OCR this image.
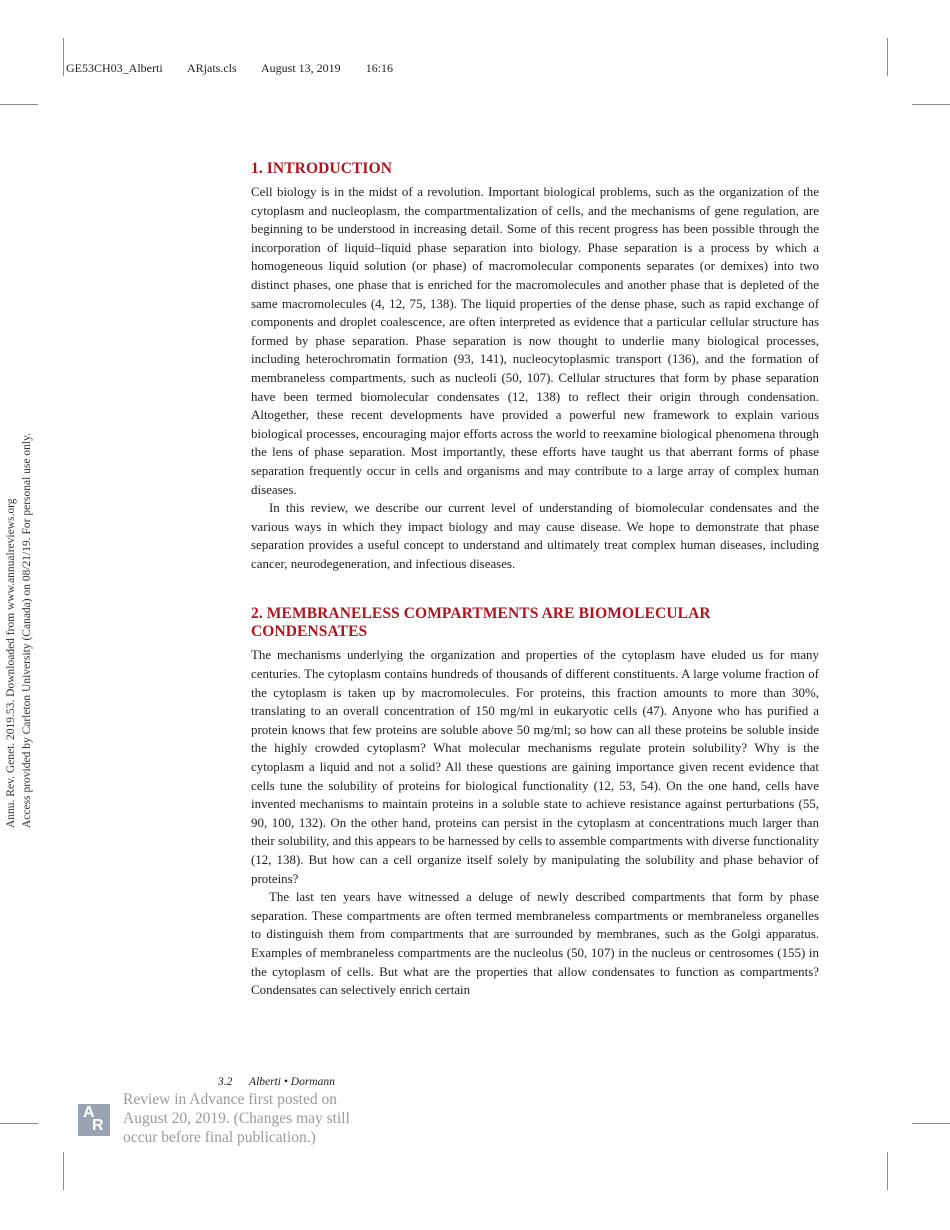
GE53CH03_Alberti ARjats.cls August 13, 2019 16:16
Annu. Rev. Genet. 2019.53. Downloaded from www.annualreviews.org Access provided by Carleton University (Canada) on 08/21/19. For personal use only.
1. INTRODUCTION

Cell biology is in the midst of a revolution. Important biological problems, such as the organization of the cytoplasm and nucleoplasm, the compartmentalization of cells, and the mechanisms of gene regulation, are beginning to be understood in increasing detail. Some of this recent progress has been possible through the incorporation of liquid–liquid phase separation into biology. Phase separation is a process by which a homogeneous liquid solution (or phase) of macromolecular components separates (or demixes) into two distinct phases, one phase that is enriched for the macromolecules and another phase that is depleted of the same macromolecules (4, 12, 75, 138). The liquid properties of the dense phase, such as rapid exchange of components and droplet coalescence, are often interpreted as evidence that a particular cellular structure has formed by phase separation. Phase separation is now thought to underlie many biological processes, including heterochromatin formation (93, 141), nucleocytoplasmic transport (136), and the formation of membraneless compartments, such as nucleoli (50, 107). Cellular structures that form by phase separation have been termed biomolecular condensates (12, 138) to reflect their origin through condensation. Altogether, these recent developments have provided a powerful new framework to explain various biological processes, encouraging major efforts across the world to reexamine biological phenomena through the lens of phase separation. Most importantly, these efforts have taught us that aberrant forms of phase separation frequently occur in cells and organisms and may contribute to a large array of complex human diseases.

In this review, we describe our current level of understanding of biomolecular condensates and the various ways in which they impact biology and may cause disease. We hope to demonstrate that phase separation provides a useful concept to understand and ultimately treat complex human diseases, including cancer, neurodegeneration, and infectious diseases.

2. MEMBRANELESS COMPARTMENTS ARE BIOMOLECULAR CONDENSATES

The mechanisms underlying the organization and properties of the cytoplasm have eluded us for many centuries. The cytoplasm contains hundreds of thousands of different constituents. A large volume fraction of the cytoplasm is taken up by macromolecules. For proteins, this fraction amounts to more than 30%, translating to an overall concentration of 150 mg/ml in eukaryotic cells (47). Anyone who has purified a protein knows that few proteins are soluble above 50 mg/ml; so how can all these proteins be soluble inside the highly crowded cytoplasm? What molecular mechanisms regulate protein solubility? Why is the cytoplasm a liquid and not a solid? All these questions are gaining importance given recent evidence that cells tune the solubility of proteins for biological functionality (12, 53, 54). On the one hand, cells have invented mechanisms to maintain proteins in a soluble state to achieve resistance against perturbations (55, 90, 100, 132). On the other hand, proteins can persist in the cytoplasm at concentrations much larger than their solubility, and this appears to be harnessed by cells to assemble compartments with diverse functionality (12, 138). But how can a cell organize itself solely by manipulating the solubility and phase behavior of proteins?

The last ten years have witnessed a deluge of newly described compartments that form by phase separation. These compartments are often termed membraneless compartments or membraneless organelles to distinguish them from compartments that are surrounded by membranes, such as the Golgi apparatus. Examples of membraneless compartments are the nucleolus (50, 107) in the nucleus or centrosomes (155) in the cytoplasm of cells. But what are the properties that allow condensates to function as compartments? Condensates can selectively enrich certain

3.2 Alberti • Dormann
A
R
Review in Advance first posted on August 20, 2019. (Changes may still occur before final publication.)
